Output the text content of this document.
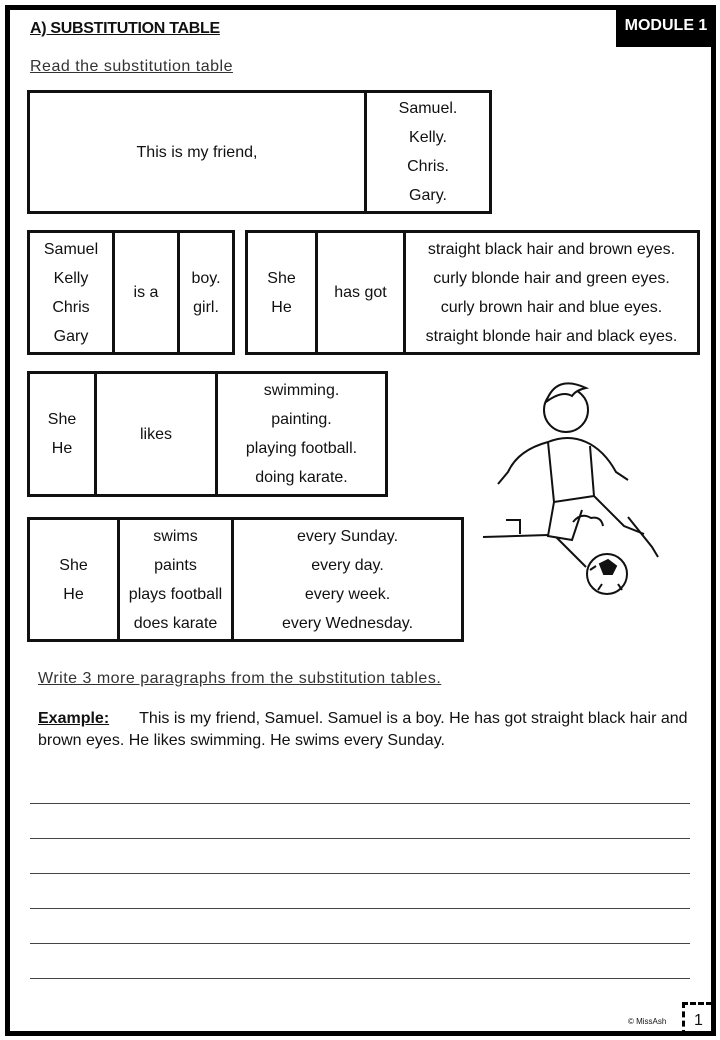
MODULE 1
A) SUBSTITUTION TABLE
Read the substitution table
This is my friend,
Samuel.
Kelly.
Chris.
Gary.
Samuel
Kelly
Chris
Gary
is a
boy.
girl.
She
He
has got
straight black hair and brown eyes.
curly blonde hair and green eyes.
curly brown hair and blue eyes.
straight blonde hair and black eyes.
She
He
likes
swimming.
painting.
playing football.
doing karate.
She
He
swims
paints
plays football
does karate
every Sunday.
every day.
every week.
every Wednesday.
Write 3 more paragraphs from the substitution tables.
Example: This is my friend, Samuel. Samuel is a boy. He has got straight black hair and brown eyes. He likes swimming. He swims every Sunday.
© MissAsh	1
